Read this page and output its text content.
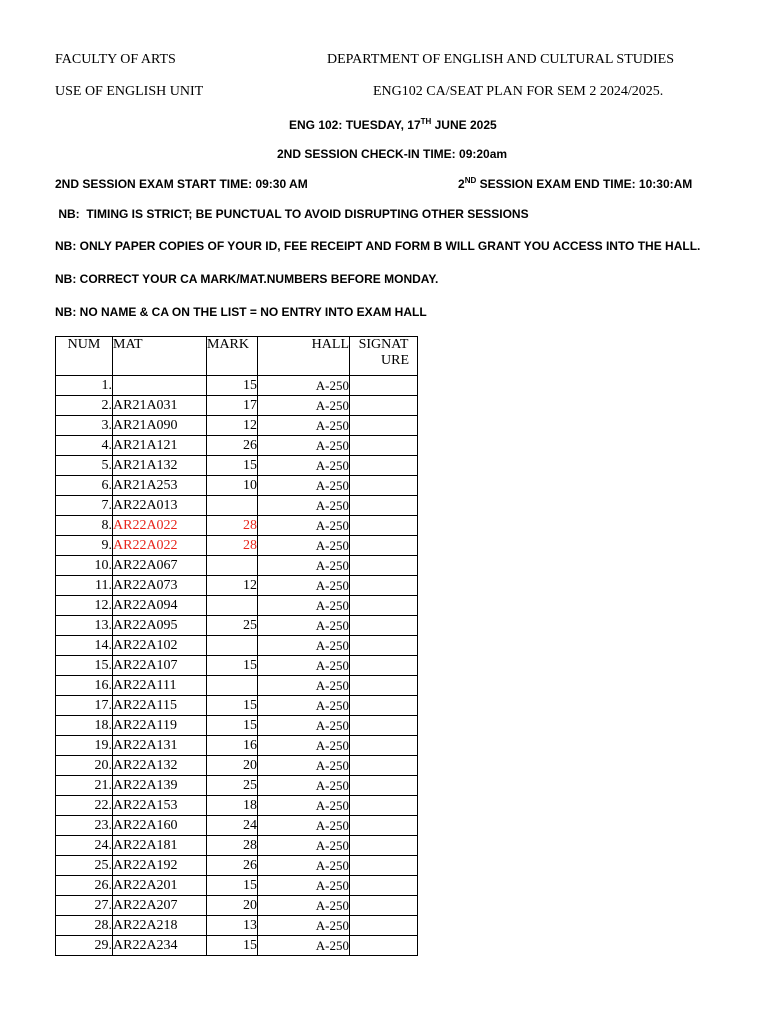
FACULTY OF ARTS	DEPARTMENT OF ENGLISH AND CULTURAL STUDIES
USE OF ENGLISH UNIT	ENG102 CA/SEAT PLAN FOR SEM 2 2024/2025.
ENG 102: TUESDAY, 17TH JUNE 2025
2ND SESSION CHECK-IN TIME: 09:20am
2ND SESSION EXAM START TIME: 09:30 AM	2ND SESSION EXAM END TIME: 10:30:AM
NB:  TIMING IS STRICT; BE PUNCTUAL TO AVOID DISRUPTING OTHER SESSIONS
NB: ONLY PAPER COPIES OF YOUR ID, FEE RECEIPT AND FORM B WILL GRANT YOU ACCESS INTO THE HALL.
NB: CORRECT YOUR CA MARK/MAT.NUMBERS BEFORE MONDAY.
NB: NO NAME & CA ON THE LIST = NO ENTRY INTO EXAM HALL
NUM	MAT	MARK	HALL	SIGNAT
URE

1.		15	A-250	
2.	AR21A031	17	A-250	
3.	AR21A090	12	A-250	
4.	AR21A121	26	A-250	
5.	AR21A132	15	A-250	
6.	AR21A253	10	A-250	
7.	AR22A013		A-250	
8.	AR22A022	28	A-250	
9.	AR22A022	28	A-250	
10.	AR22A067		A-250	
11.	AR22A073	12	A-250	
12.	AR22A094		A-250	
13.	AR22A095	25	A-250	
14.	AR22A102		A-250	
15.	AR22A107	15	A-250	
16.	AR22A111		A-250	
17.	AR22A115	15	A-250	
18.	AR22A119	15	A-250	
19.	AR22A131	16	A-250	
20.	AR22A132	20	A-250	
21.	AR22A139	25	A-250	
22.	AR22A153	18	A-250	
23.	AR22A160	24	A-250	
24.	AR22A181	28	A-250	
25.	AR22A192	26	A-250	
26.	AR22A201	15	A-250	
27.	AR22A207	20	A-250	
28.	AR22A218	13	A-250	
29.	AR22A234	15	A-250	
